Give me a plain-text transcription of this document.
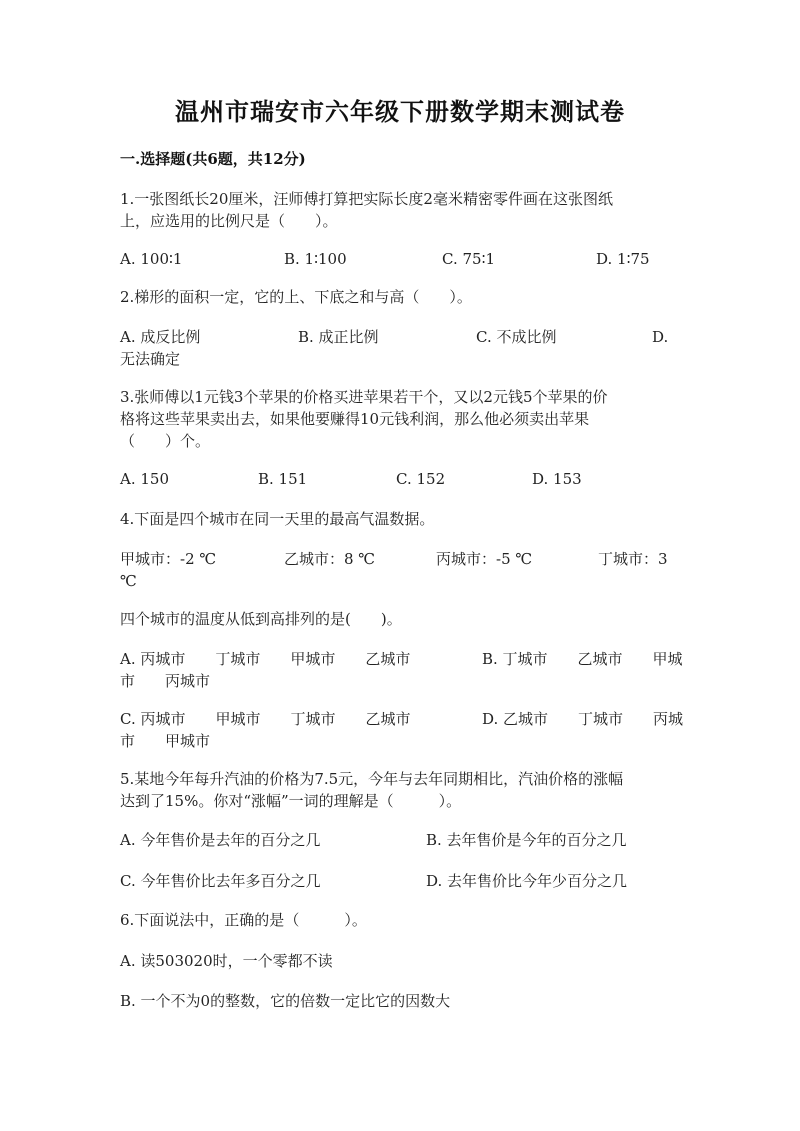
温州市瑞安市六年级下册数学期末测试卷
一.选择题(共6题，共12分)
1.一张图纸长20厘米，汪师傅打算把实际长度2毫米精密零件画在这张图纸
上，应选用的比例尺是（　　）。
A. 100∶1	B. 1∶100	C. 75∶1	D. 1∶75
2.梯形的面积一定，它的上、下底之和与高（　　）。
A. 成反比例	B. 成正比例	C. 不成比例	D.
无法确定
3.张师傅以1元钱3个苹果的价格买进苹果若干个，又以2元钱5个苹果的价
格将这些苹果卖出去，如果他要赚得10元钱利润，那么他必须卖出苹果
（　　）个。
A. 150	B. 151	C. 152	D. 153
4.下面是四个城市在同一天里的最高气温数据。
甲城市：-2 ℃	乙城市：8 ℃	丙城市：-5 ℃	丁城市：3
℃
四个城市的温度从低到高排列的是(　　)。
A. 丙城市　　丁城市　　甲城市　　乙城市	B. 丁城市　　乙城市　　甲城
市　　丙城市
C. 丙城市　　甲城市　　丁城市　　乙城市	D. 乙城市　　丁城市　　丙城
市　　甲城市
5.某地今年每升汽油的价格为7.5元，今年与去年同期相比，汽油价格的涨幅
达到了15%。你对“涨幅”一词的理解是（　　　）。
A. 今年售价是去年的百分之几	B. 去年售价是今年的百分之几
C. 今年售价比去年多百分之几	D. 去年售价比今年少百分之几
6.下面说法中，正确的是（　　　）。
A. 读503020时，一个零都不读
B. 一个不为0的整数，它的倍数一定比它的因数大
